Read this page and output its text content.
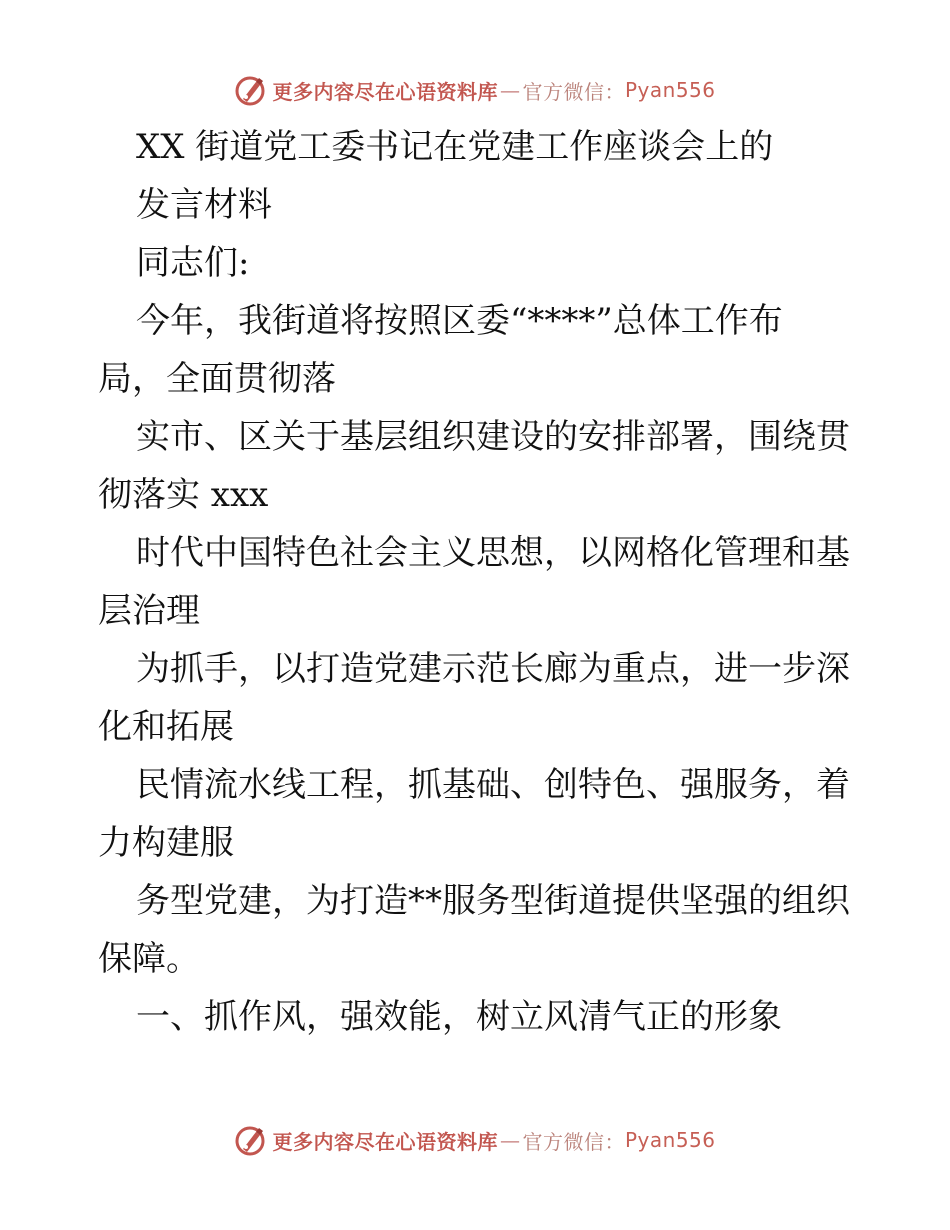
更多内容尽在心语资料库 — 官方微信： Pyan556
XX 街道党工委书记在党建工作座谈会上的
发言材料
同志们:
今年，我街道将按照区委“****”总体工作布
局，全面贯彻落
实市、区关于基层组织建设的安排部署，围绕贯
彻落实 xxx
时代中国特色社会主义思想，以网格化管理和基
层治理
为抓手，以打造党建示范长廊为重点，进一步深
化和拓展
民情流水线工程，抓基础、创特色、强服务，着
力构建服
务型党建，为打造**服务型街道提供坚强的组织
保障。
一、抓作风，强效能，树立风清气正的形象
更多内容尽在心语资料库 — 官方微信： Pyan556
